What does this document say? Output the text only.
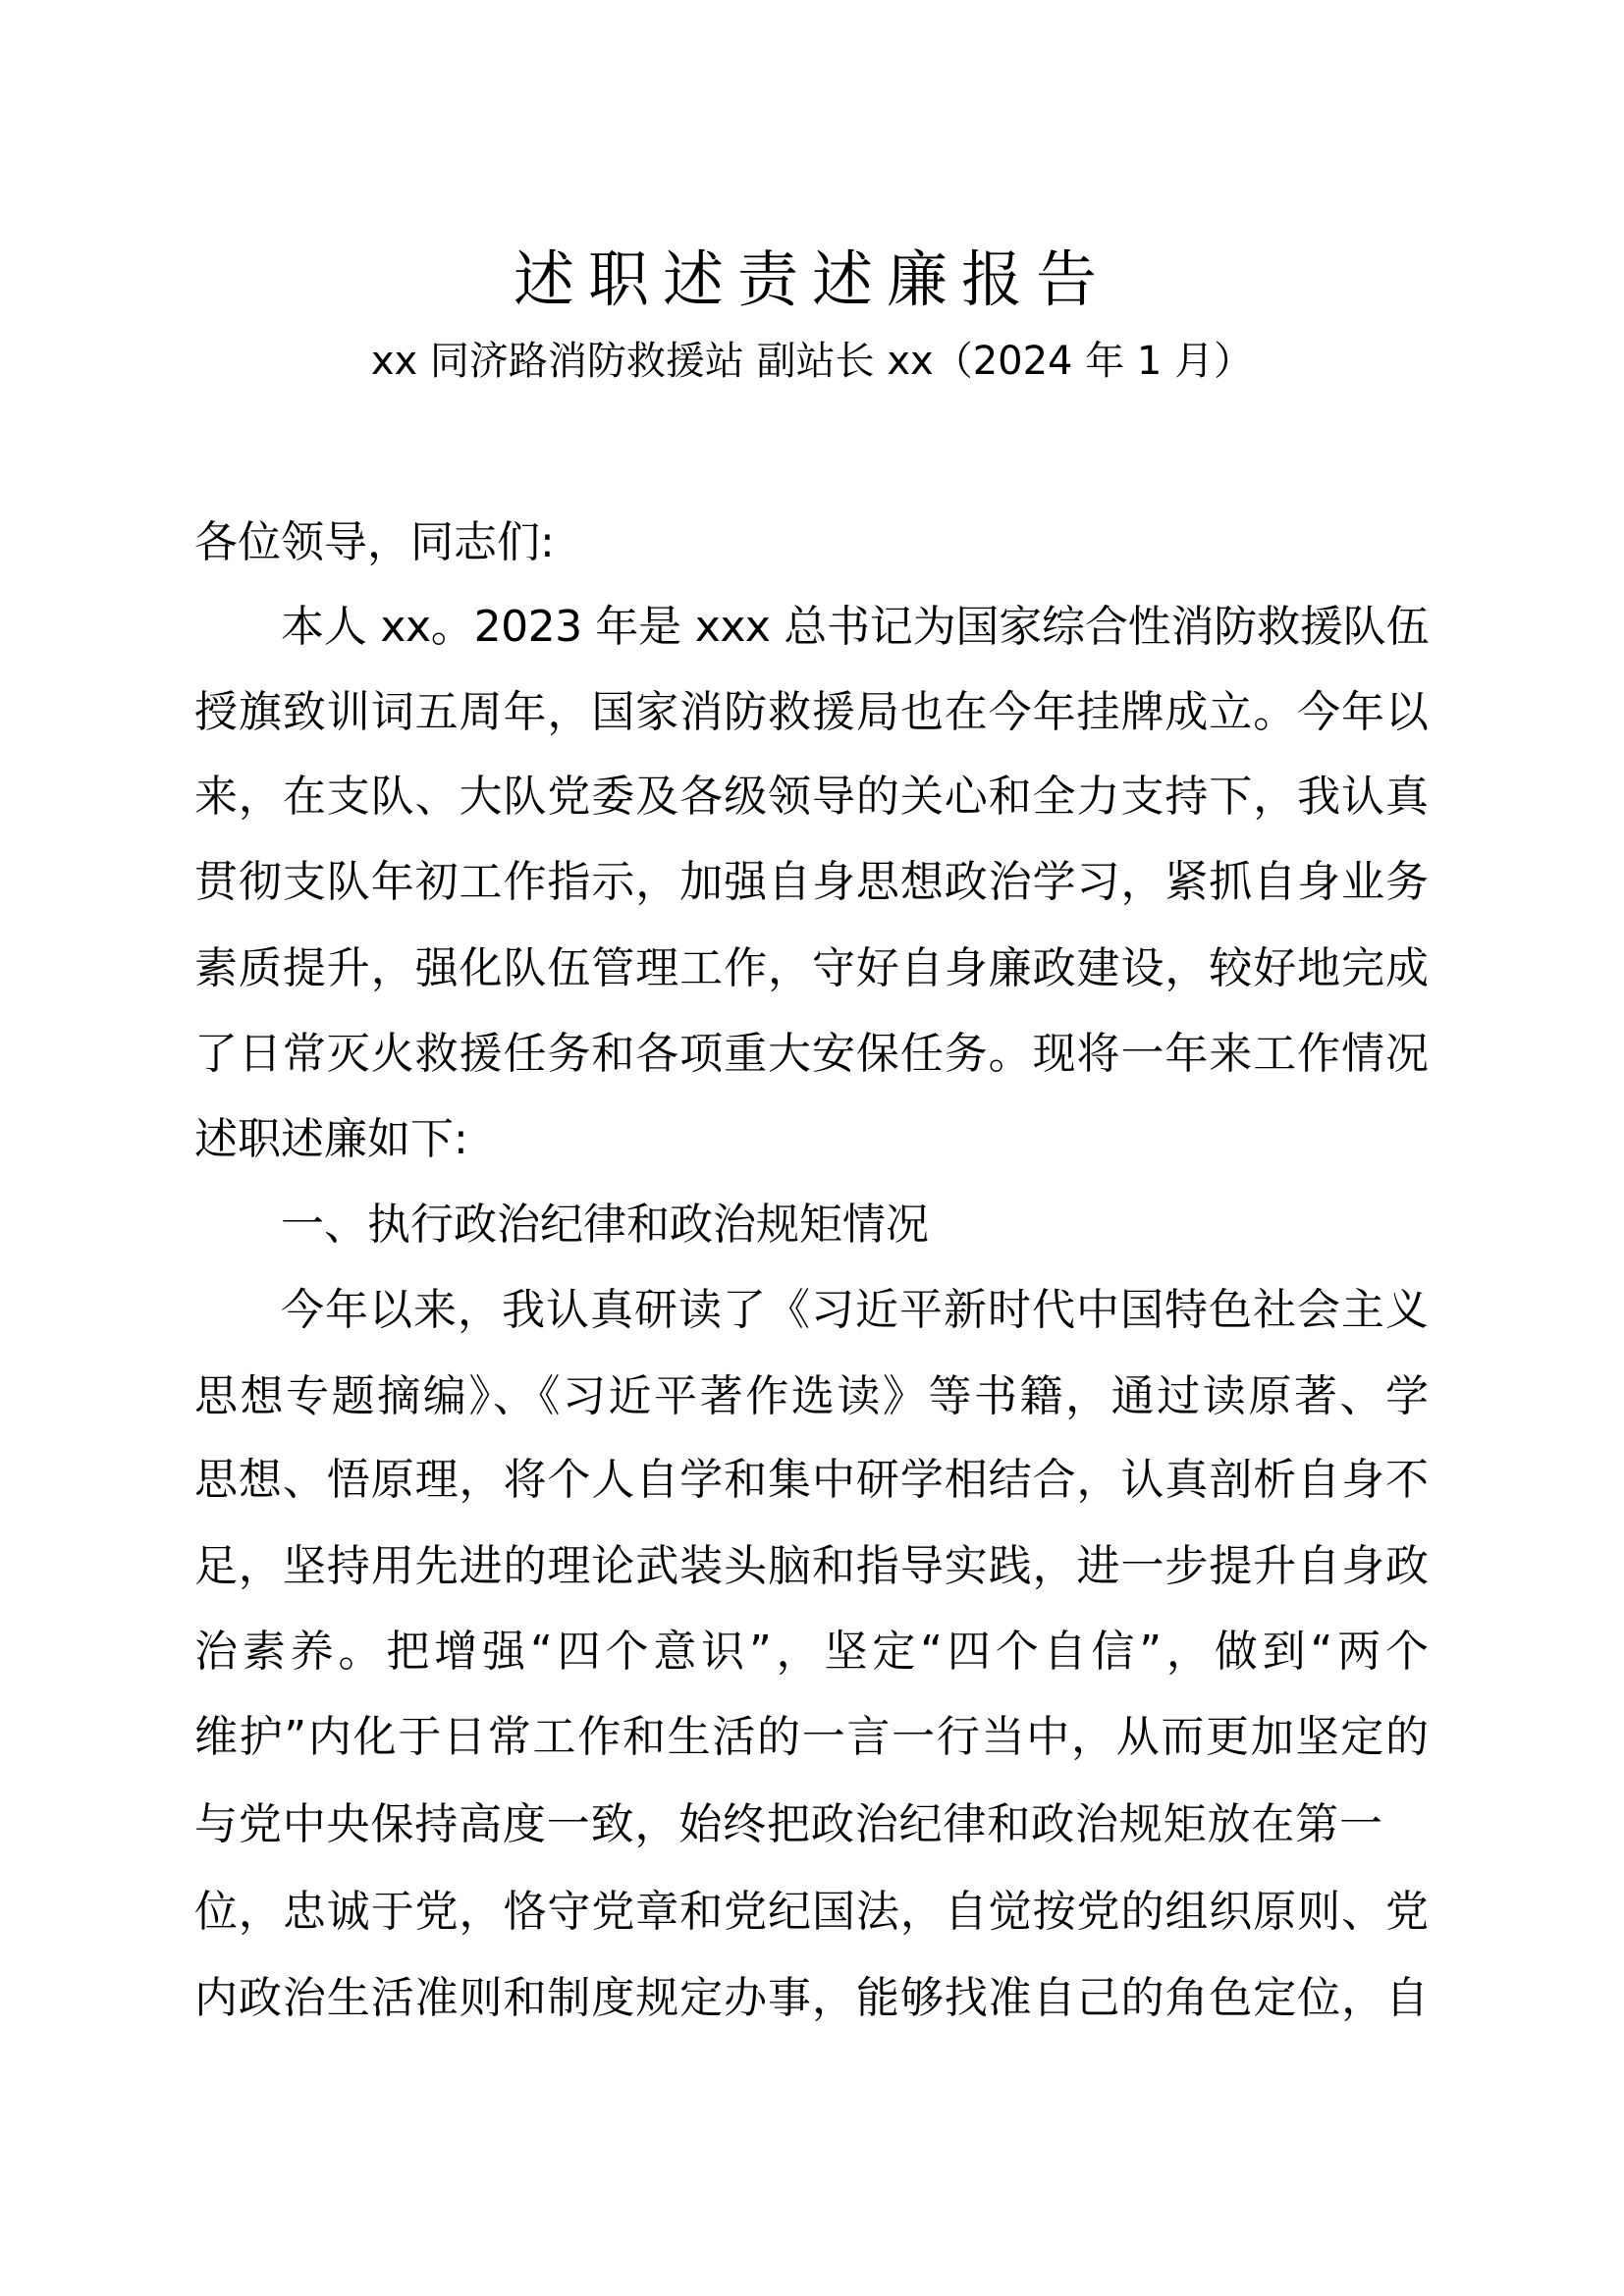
述职述责述廉报告
xx 同济路消防救援站 副站长 xx（2024 年 1 月）
各位领导，同志们:
本人 xx。2023 年是 xxx 总书记为国家综合性消防救援队伍
授旗致训词五周年，国家消防救援局也在今年挂牌成立。今年以
来，在支队、大队党委及各级领导的关心和全力支持下，我认真
贯彻支队年初工作指示，加强自身思想政治学习，紧抓自身业务
素质提升，强化队伍管理工作，守好自身廉政建设，较好地完成
了日常灭火救援任务和各项重大安保任务。现将一年来工作情况
述职述廉如下:
一、执行政治纪律和政治规矩情况
今年以来，我认真研读了《习近平新时代中国特色社会主义
思想专题摘编》、《习近平著作选读》等书籍，通过读原著、学
思想、悟原理，将个人自学和集中研学相结合，认真剖析自身不
足，坚持用先进的理论武装头脑和指导实践，进一步提升自身政
治素养。把增强“四个意识”，坚定“四个自信”，做到“两个
维护”内化于日常工作和生活的一言一行当中，从而更加坚定的
与党中央保持高度一致，始终把政治纪律和政治规矩放在第一
位，忠诚于党，恪守党章和党纪国法，自觉按党的组织原则、党
内政治生活准则和制度规定办事，能够找准自己的角色定位，自
